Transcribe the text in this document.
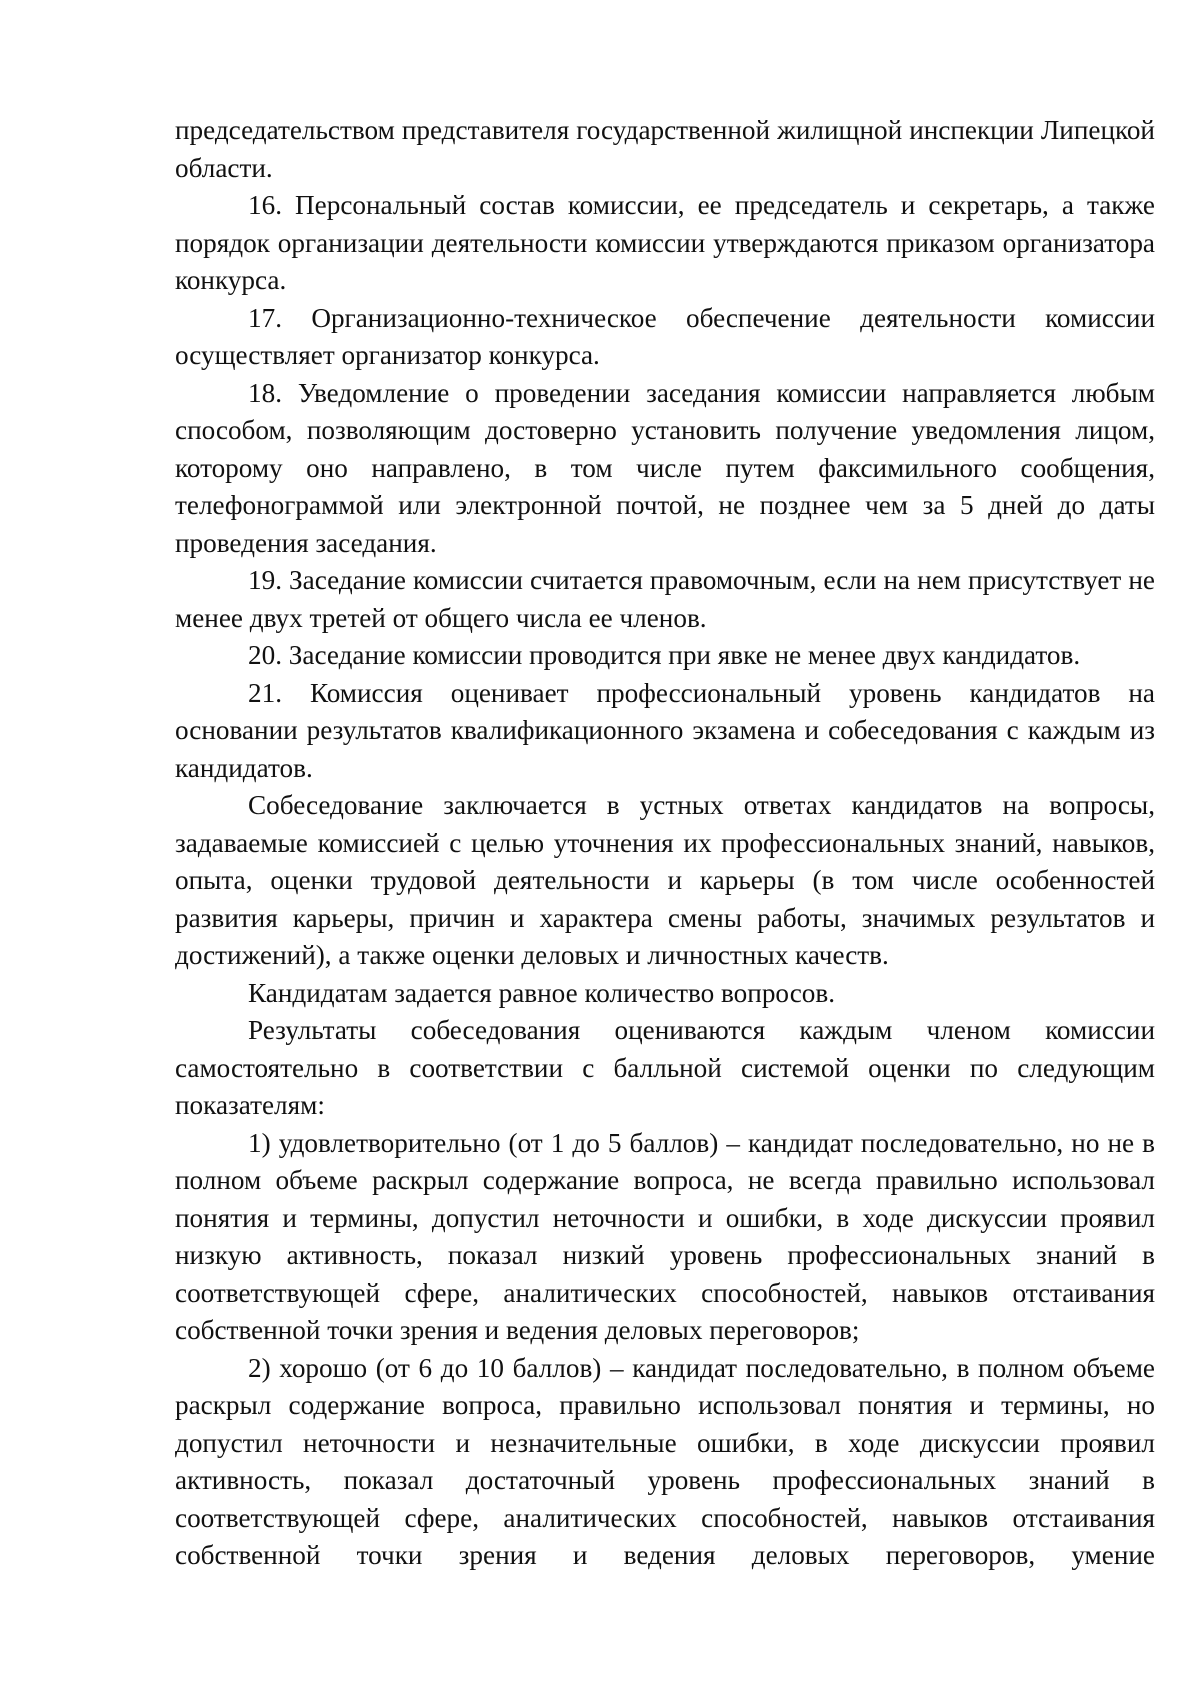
председательством представителя государственной жилищной инспекции Липецкой области.

16. Персональный состав комиссии, ее председатель и секретарь, а также порядок организации деятельности комиссии утверждаются приказом организатора конкурса.

17. Организационно-техническое обеспечение деятельности комиссии осуществляет организатор конкурса.

18. Уведомление о проведении заседания комиссии направляется любым способом, позволяющим достоверно установить получение уведомления лицом, которому оно направлено, в том числе путем факсимильного сообщения, телефонограммой или электронной почтой, не позднее чем за 5 дней до даты проведения заседания.

19. Заседание комиссии считается правомочным, если на нем присутствует не менее двух третей от общего числа ее членов.

20. Заседание комиссии проводится при явке не менее двух кандидатов.

21. Комиссия оценивает профессиональный уровень кандидатов на основании результатов квалификационного экзамена и собеседования с каждым из кандидатов.

Собеседование заключается в устных ответах кандидатов на вопросы, задаваемые комиссией с целью уточнения их профессиональных знаний, навыков, опыта, оценки трудовой деятельности и карьеры (в том числе особенностей развития карьеры, причин и характера смены работы, значимых результатов и достижений), а также оценки деловых и личностных качеств.

Кандидатам задается равное количество вопросов.

Результаты собеседования оцениваются каждым членом комиссии самостоятельно в соответствии с балльной системой оценки по следующим показателям:

1) удовлетворительно (от 1 до 5 баллов) – кандидат последовательно, но не в полном объеме раскрыл содержание вопроса, не всегда правильно использовал понятия и термины, допустил неточности и ошибки, в ходе дискуссии проявил низкую активность, показал низкий уровень профессиональных знаний в соответствующей сфере, аналитических способностей, навыков отстаивания собственной точки зрения и ведения деловых переговоров;

2) хорошо (от 6 до 10 баллов) – кандидат последовательно, в полном объеме раскрыл содержание вопроса, правильно использовал понятия и термины, но допустил неточности и незначительные ошибки, в ходе дискуссии проявил активность, показал достаточный уровень профессиональных знаний в соответствующей сфере, аналитических способностей, навыков отстаивания собственной точки зрения и ведения деловых переговоров, умение
